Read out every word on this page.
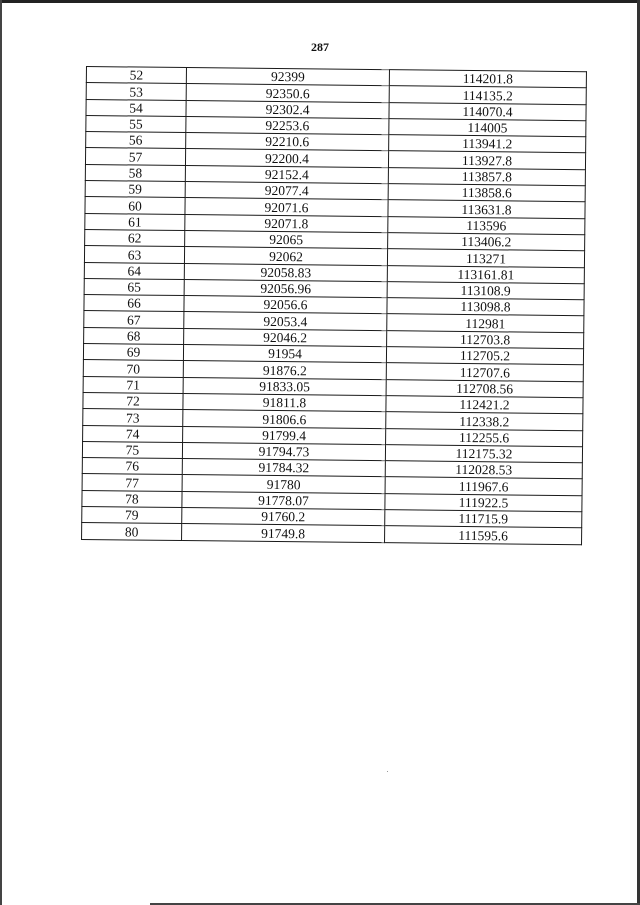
287
52	92399	114201.8
53	92350.6	114135.2
54	92302.4	114070.4
55	92253.6	114005
56	92210.6	113941.2
57	92200.4	113927.8
58	92152.4	113857.8
59	92077.4	113858.6
60	92071.6	113631.8
61	92071.8	113596
62	92065	113406.2
63	92062	113271
64	92058.83	113161.81
65	92056.96	113108.9
66	92056.6	113098.8
67	92053.4	112981
68	92046.2	112703.8
69	91954	112705.2
70	91876.2	112707.6
71	91833.05	112708.56
72	91811.8	112421.2
73	91806.6	112338.2
74	91799.4	112255.6
75	91794.73	112175.32
76	91784.32	112028.53
77	91780	111967.6
78	91778.07	111922.5
79	91760.2	111715.9
80	91749.8	111595.6
